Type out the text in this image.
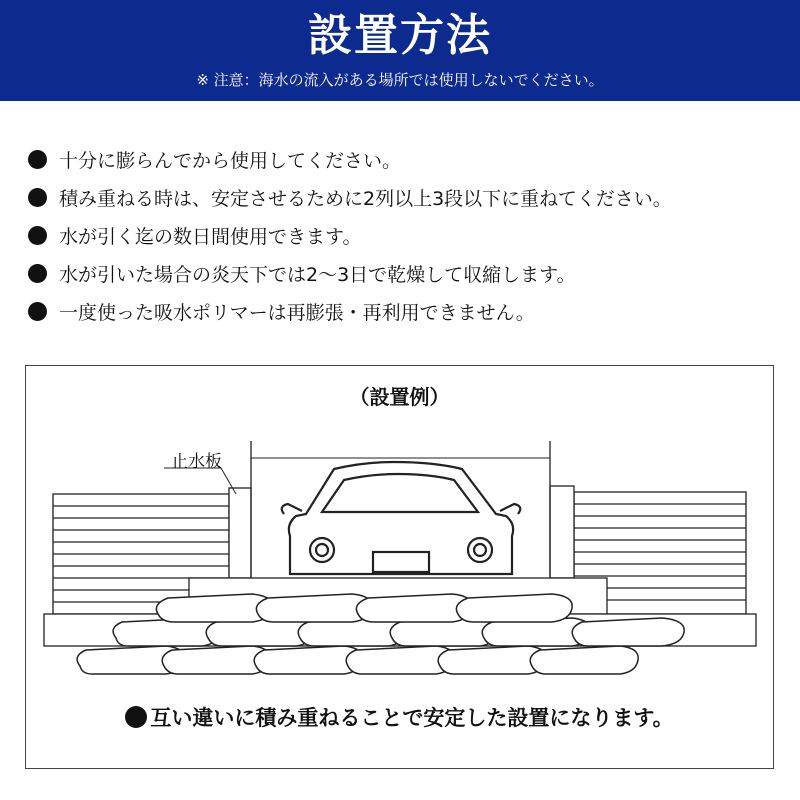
設置方法
※ 注意：海水の流入がある場所では使用しないでください。
十分に膨らんでから使用してください。
積み重ねる時は、安定させるために2列以上3段以下に重ねてください。
水が引く迄の数日間使用できます。
水が引いた場合の炎天下では2〜3日で乾燥して収縮します。
一度使った吸水ポリマーは再膨張・再利用できません。
（設置例）
止水板
互い違いに積み重ねることで安定した設置になります。
